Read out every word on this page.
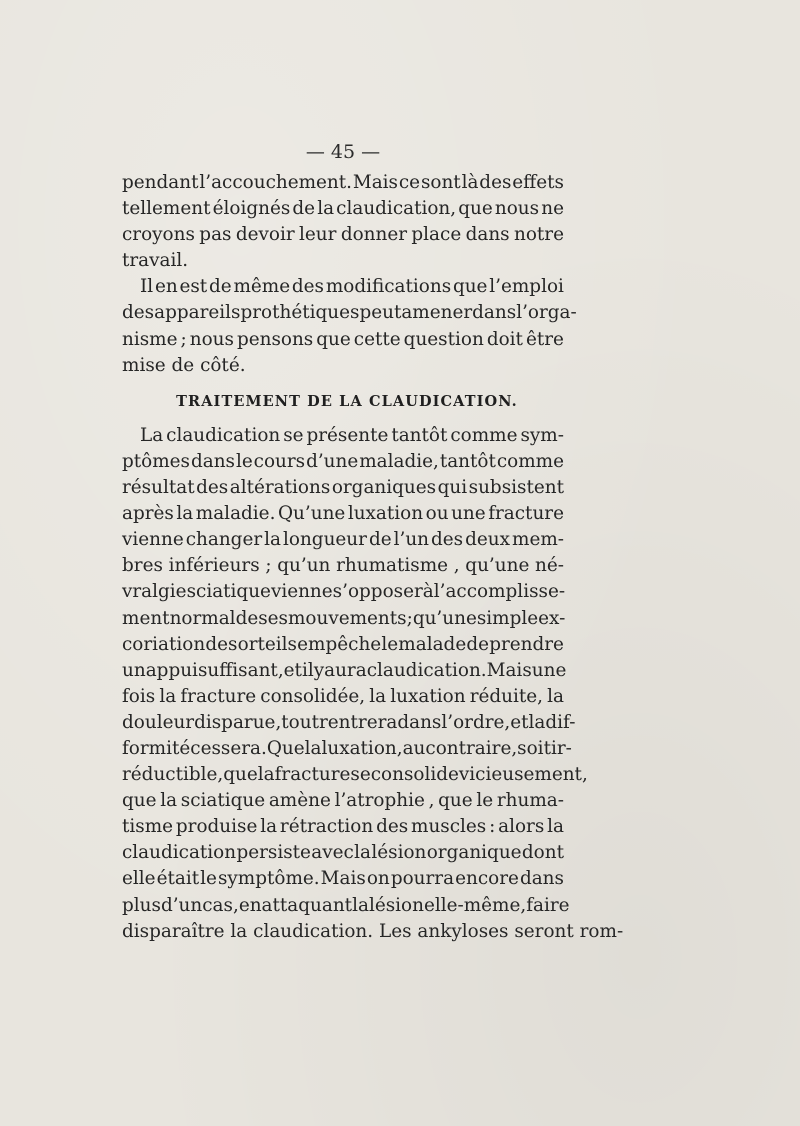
— 45 —
pendant l’accouchement. Mais ce sont là des effets
tellement éloignés de la claudication, que nous ne
croyons pas devoir leur donner place dans notre
travail.
Il en est de même des modifications que l’emploi
des appareils prothétiques peut amener dans l’orga-
nisme ; nous pensons que cette question doit être
mise de côté.
TRAITEMENT DE LA CLAUDICATION.
La claudication se présente tantôt comme sym-
ptômes dans le cours d’une maladie, tantôt comme
résultat des altérations organiques qui subsistent
après la maladie. Qu’une luxation ou une fracture
vienne changer la longueur de l’un des deux mem-
bres inférieurs ; qu’un rhumatisme , qu’une né-
vralgie sciatique vienne s’opposer à l’accomplisse-
ment normal de ses mouvements ; qu’une simple ex-
coriation des orteils empêche le malade de prendre
un appui suffisant, et il y aura claudication. Mais une
fois la fracture consolidée, la luxation réduite, la
douleur disparue, tout rentrera dans l’ordre, et la dif-
formité cessera. Que la luxation, au contraire, soit ir-
réductible, que la fracture se consolide vicieusement,
que la sciatique amène l’atrophie , que le rhuma-
tisme produise la rétraction des muscles : alors la
claudication persiste avec la lésion organique dont
elle était le symptôme. Mais on pourra encore dans
plus d’un cas, en attaquant la lésion elle-même, faire
disparaître la claudication. Les ankyloses seront rom-
